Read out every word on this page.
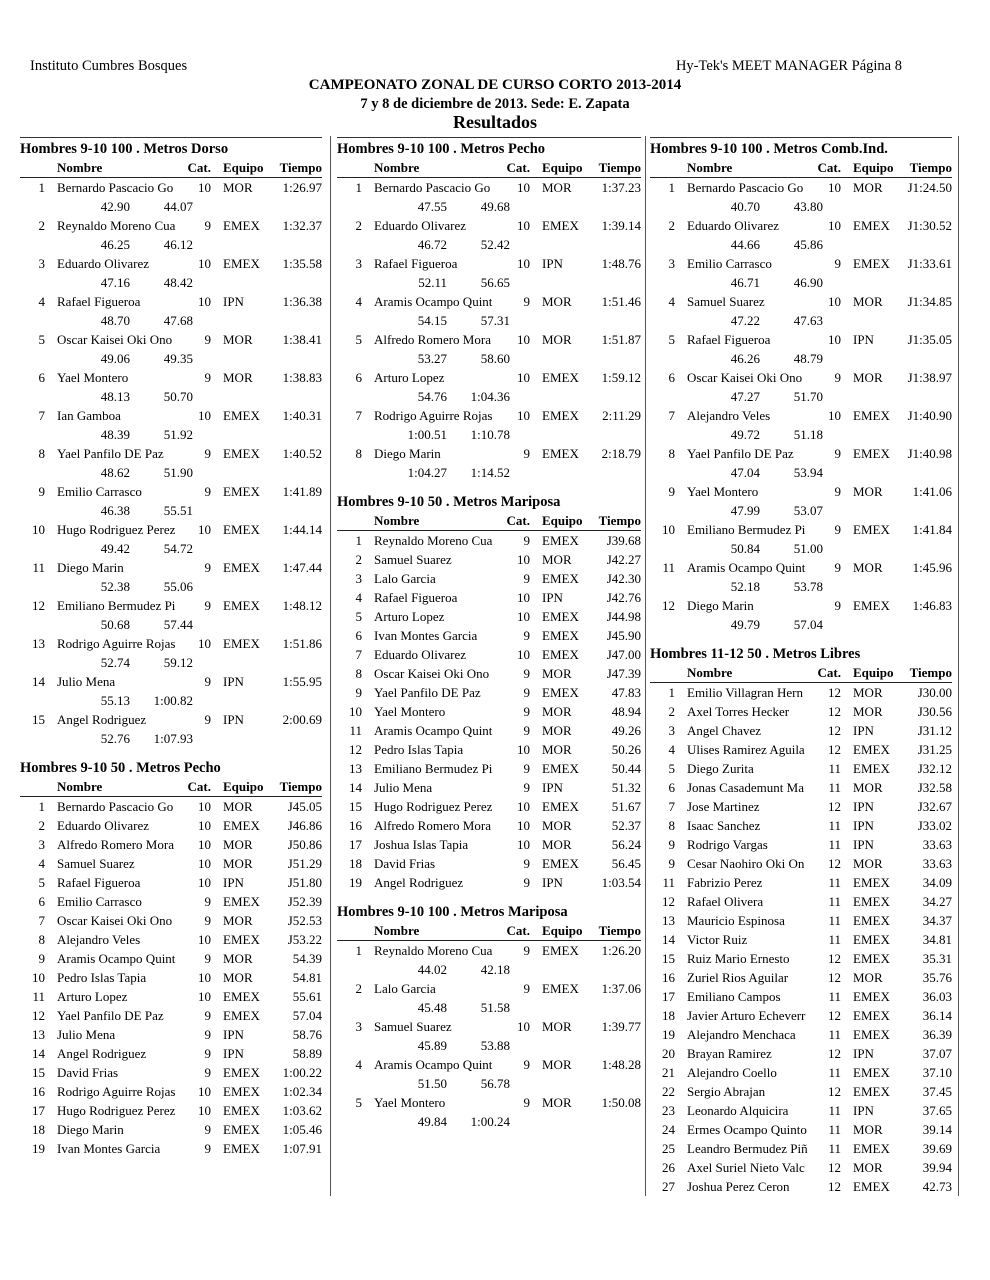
Instituto Cumbres Bosques	Hy-Tek's MEET MANAGER Página 8
CAMPEONATO ZONAL DE CURSO CORTO 2013-2014
7 y 8 de diciembre de 2013. Sede: E. Zapata
Resultados
Hombres 9-10 100 . Metros Dorso
Nombre	Cat. Equipo	Tiempo
1 Bernardo Pascacio Go	10 MOR	1:26.97
42.90	44.07
2 Reynaldo Moreno Cua	9 EMEX	1:32.37
46.25	46.12
3 Eduardo Olivarez	10 EMEX	1:35.58
47.16	48.42
4 Rafael Figueroa	10 IPN	1:36.38
48.70	47.68
5 Oscar Kaisei Oki Ono	9 MOR	1:38.41
49.06	49.35
6 Yael Montero	9 MOR	1:38.83
48.13	50.70
7 Ian Gamboa	10 EMEX	1:40.31
48.39	51.92
8 Yael Panfilo DE Paz	9 EMEX	1:40.52
48.62	51.90
9 Emilio Carrasco	9 EMEX	1:41.89
46.38	55.51
10 Hugo Rodriguez Perez	10 EMEX	1:44.14
49.42	54.72
11 Diego Marin	9 EMEX	1:47.44
52.38	55.06
12 Emiliano Bermudez Pi	9 EMEX	1:48.12
50.68	57.44
13 Rodrigo Aguirre Rojas	10 EMEX	1:51.86
52.74	59.12
14 Julio Mena	9 IPN	1:55.95
55.13	1:00.82
15 Angel Rodriguez	9 IPN	2:00.69
52.76	1:07.93
Hombres 9-10 50 . Metros Pecho
Nombre	Cat. Equipo	Tiempo
1 Bernardo Pascacio Go	10 MOR	J45.05
2 Eduardo Olivarez	10 EMEX	J46.86
3 Alfredo Romero Mora	10 MOR	J50.86
4 Samuel Suarez	10 MOR	J51.29
5 Rafael Figueroa	10 IPN	J51.80
6 Emilio Carrasco	9 EMEX	J52.39
7 Oscar Kaisei Oki Ono	9 MOR	J52.53
8 Alejandro Veles	10 EMEX	J53.22
9 Aramis Ocampo Quint	9 MOR	54.39
10 Pedro Islas Tapia	10 MOR	54.81
11 Arturo Lopez	10 EMEX	55.61
12 Yael Panfilo DE Paz	9 EMEX	57.04
13 Julio Mena	9 IPN	58.76
14 Angel Rodriguez	9 IPN	58.89
15 David Frias	9 EMEX	1:00.22
16 Rodrigo Aguirre Rojas	10 EMEX	1:02.34
17 Hugo Rodriguez Perez	10 EMEX	1:03.62
18 Diego Marin	9 EMEX	1:05.46
19 Ivan Montes Garcia	9 EMEX	1:07.91
Hombres 9-10 100 . Metros Pecho
Nombre	Cat. Equipo	Tiempo
1 Bernardo Pascacio Go	10 MOR	1:37.23
47.55	49.68
2 Eduardo Olivarez	10 EMEX	1:39.14
46.72	52.42
3 Rafael Figueroa	10 IPN	1:48.76
52.11	56.65
4 Aramis Ocampo Quint	9 MOR	1:51.46
54.15	57.31
5 Alfredo Romero Mora	10 MOR	1:51.87
53.27	58.60
6 Arturo Lopez	10 EMEX	1:59.12
54.76	1:04.36
7 Rodrigo Aguirre Rojas	10 EMEX	2:11.29
1:00.51	1:10.78
8 Diego Marin	9 EMEX	2:18.79
1:04.27	1:14.52
Hombres 9-10 50 . Metros Mariposa
Nombre	Cat. Equipo	Tiempo
1 Reynaldo Moreno Cua	9 EMEX	J39.68
2 Samuel Suarez	10 MOR	J42.27
3 Lalo Garcia	9 EMEX	J42.30
4 Rafael Figueroa	10 IPN	J42.76
5 Arturo Lopez	10 EMEX	J44.98
6 Ivan Montes Garcia	9 EMEX	J45.90
7 Eduardo Olivarez	10 EMEX	J47.00
8 Oscar Kaisei Oki Ono	9 MOR	J47.39
9 Yael Panfilo DE Paz	9 EMEX	47.83
10 Yael Montero	9 MOR	48.94
11 Aramis Ocampo Quint	9 MOR	49.26
12 Pedro Islas Tapia	10 MOR	50.26
13 Emiliano Bermudez Pi	9 EMEX	50.44
14 Julio Mena	9 IPN	51.32
15 Hugo Rodriguez Perez	10 EMEX	51.67
16 Alfredo Romero Mora	10 MOR	52.37
17 Joshua Islas Tapia	10 MOR	56.24
18 David Frias	9 EMEX	56.45
19 Angel Rodriguez	9 IPN	1:03.54
Hombres 9-10 100 . Metros Mariposa
Nombre	Cat. Equipo	Tiempo
1 Reynaldo Moreno Cua	9 EMEX	1:26.20
44.02	42.18
2 Lalo Garcia	9 EMEX	1:37.06
45.48	51.58
3 Samuel Suarez	10 MOR	1:39.77
45.89	53.88
4 Aramis Ocampo Quint	9 MOR	1:48.28
51.50	56.78
5 Yael Montero	9 MOR	1:50.08
49.84	1:00.24
Hombres 9-10 100 . Metros Comb.Ind.
Nombre	Cat. Equipo	Tiempo
1 Bernardo Pascacio Go	10 MOR	J1:24.50
40.70	43.80
2 Eduardo Olivarez	10 EMEX	J1:30.52
44.66	45.86
3 Emilio Carrasco	9 EMEX	J1:33.61
46.71	46.90
4 Samuel Suarez	10 MOR	J1:34.85
47.22	47.63
5 Rafael Figueroa	10 IPN	J1:35.05
46.26	48.79
6 Oscar Kaisei Oki Ono	9 MOR	J1:38.97
47.27	51.70
7 Alejandro Veles	10 EMEX	J1:40.90
49.72	51.18
8 Yael Panfilo DE Paz	9 EMEX	J1:40.98
47.04	53.94
9 Yael Montero	9 MOR	1:41.06
47.99	53.07
10 Emiliano Bermudez Pi	9 EMEX	1:41.84
50.84	51.00
11 Aramis Ocampo Quint	9 MOR	1:45.96
52.18	53.78
12 Diego Marin	9 EMEX	1:46.83
49.79	57.04
Hombres 11-12 50 . Metros Libres
Nombre	Cat. Equipo	Tiempo
1 Emilio Villagran Hern	12 MOR	J30.00
2 Axel Torres Hecker	12 MOR	J30.56
3 Angel Chavez	12 IPN	J31.12
4 Ulises Ramirez Aguila	12 EMEX	J31.25
5 Diego Zurita	11 EMEX	J32.12
6 Jonas Casademunt Ma	11 MOR	J32.58
7 Jose Martinez	12 IPN	J32.67
8 Isaac Sanchez	11 IPN	J33.02
9 Rodrigo Vargas	11 IPN	33.63
9 Cesar Naohiro Oki On	12 MOR	33.63
11 Fabrizio Perez	11 EMEX	34.09
12 Rafael Olivera	11 EMEX	34.27
13 Mauricio Espinosa	11 EMEX	34.37
14 Victor Ruiz	11 EMEX	34.81
15 Ruiz Mario Ernesto	12 EMEX	35.31
16 Zuriel Rios Aguilar	12 MOR	35.76
17 Emiliano Campos	11 EMEX	36.03
18 Javier Arturo Echeverr	12 EMEX	36.14
19 Alejandro Menchaca	11 EMEX	36.39
20 Brayan Ramirez	12 IPN	37.07
21 Alejandro Coello	11 EMEX	37.10
22 Sergio Abrajan	12 EMEX	37.45
23 Leonardo Alquicira	11 IPN	37.65
24 Ermes Ocampo Quinto	11 MOR	39.14
25 Leandro Bermudez Piñ	11 EMEX	39.69
26 Axel Suriel Nieto Valc	12 MOR	39.94
27 Joshua Perez Ceron	12 EMEX	42.73
